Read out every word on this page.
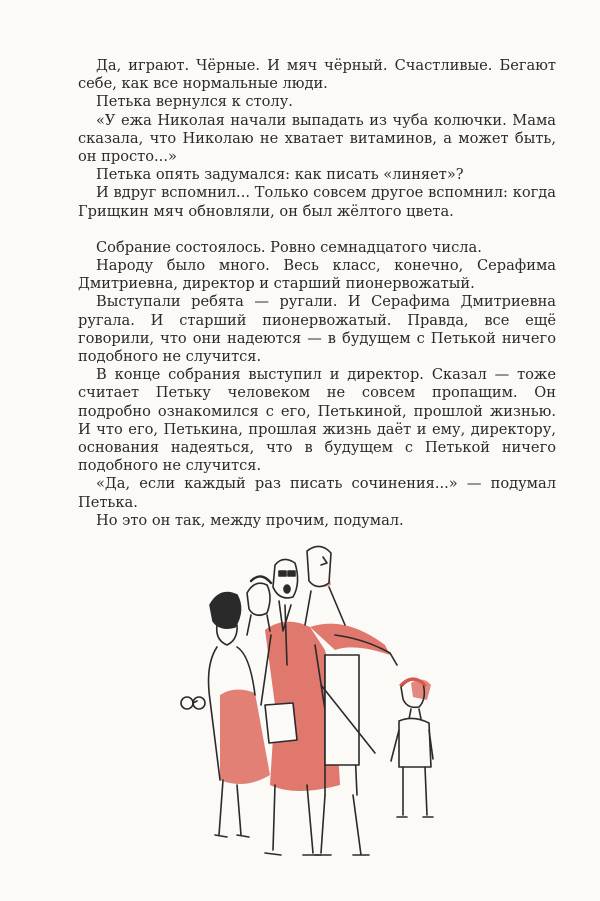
Да, играют. Чёрные. И мяч чёрный. Счастливые. Бегают себе, как все нормальные люди.

Петька вернулся к столу.

«У ежа Николая начали выпадать из чуба колючки. Мама сказала, что Николаю не хватает витаминов, а может быть, он просто...»

Петька опять задумался: как писать «линяет»?

И вдруг вспомнил... Только совсем другое вспомнил: когда Грищкин мяч обновляли, он был жёлтого цвета.

Собрание состоялось. Ровно семнадцатого числа.

Народу было много. Весь класс, конечно, Серафима Дмитриевна, директор и старший пионервожатый.

Выступали ребята — ругали. И Серафима Дмитриевна ругала. И старший пионервожатый. Правда, все ещё говорили, что они надеются — в будущем с Петькой ничего подобного не случится.

В конце собрания выступил и директор. Сказал — тоже считает Петьку человеком не совсем пропащим. Он подробно ознакомился с его, Петькиной, прошлой жизнью. И что его, Петькина, прошлая жизнь даёт и ему, директору, основания надеяться, что в будущем с Петькой ничего подобного не случится.

«Да, если каждый раз писать сочинения...» — подумал Петька.

Но это он так, между прочим, подумал.
